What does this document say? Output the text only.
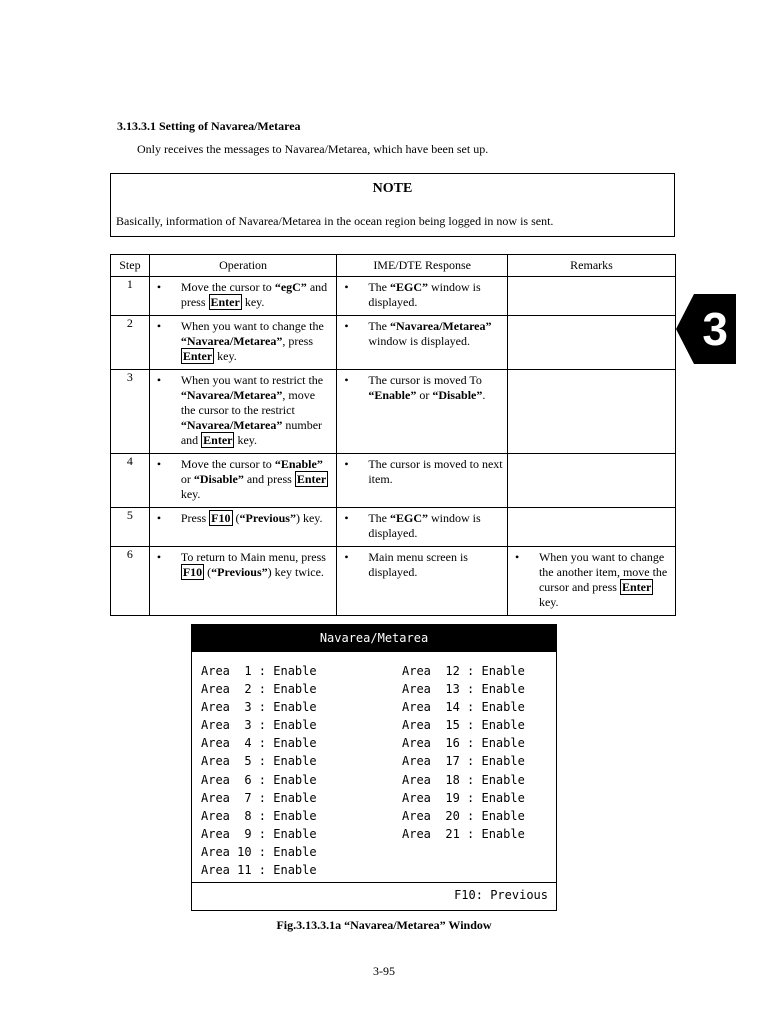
3.13.3.1 Setting of Navarea/Metarea

Only receives the messages to Navarea/Metarea, which have been set up.

NOTE
Basically, information of Navarea/Metarea in the ocean region being logged in now is sent.
Step	Operation	IME/DTE Response	Remarks
1	• Move the cursor to “egC” and press Enter key.	• The “EGC” window is displayed.

2	• When you want to change the “Navarea/Metarea”, press Enter key.	• The “Navarea/Metarea” window is displayed.

3	• When you want to restrict the “Navarea/Metarea”, move the cursor to the restrict “Navarea/Metarea” number and Enter key.	• The cursor is moved To “Enable” or “Disable”.

4	• Move the cursor to “Enable” or “Disable” and press Enter key.	• The cursor is moved to next item.

5	• Press F10 (“Previous”) key.	• The “EGC” window is displayed.

6	• To return to Main menu, press F10 (“Previous”) key twice.	• Main menu screen is displayed.	• When you want to change the another item, move the cursor and press Enter key.
3
Navarea/Metarea
Area  1 : Enable
Area  2 : Enable
Area  3 : Enable
Area  3 : Enable
Area  4 : Enable
Area  5 : Enable
Area  6 : Enable
Area  7 : Enable
Area  8 : Enable
Area  9 : Enable
Area 10 : Enable
Area 11 : Enable
Area  12 : Enable
Area  13 : Enable
Area  14 : Enable
Area  15 : Enable
Area  16 : Enable
Area  17 : Enable
Area  18 : Enable
Area  19 : Enable
Area  20 : Enable
Area  21 : Enable
F10: Previous
Fig.3.13.3.1a “Navarea/Metarea” Window
3-95
